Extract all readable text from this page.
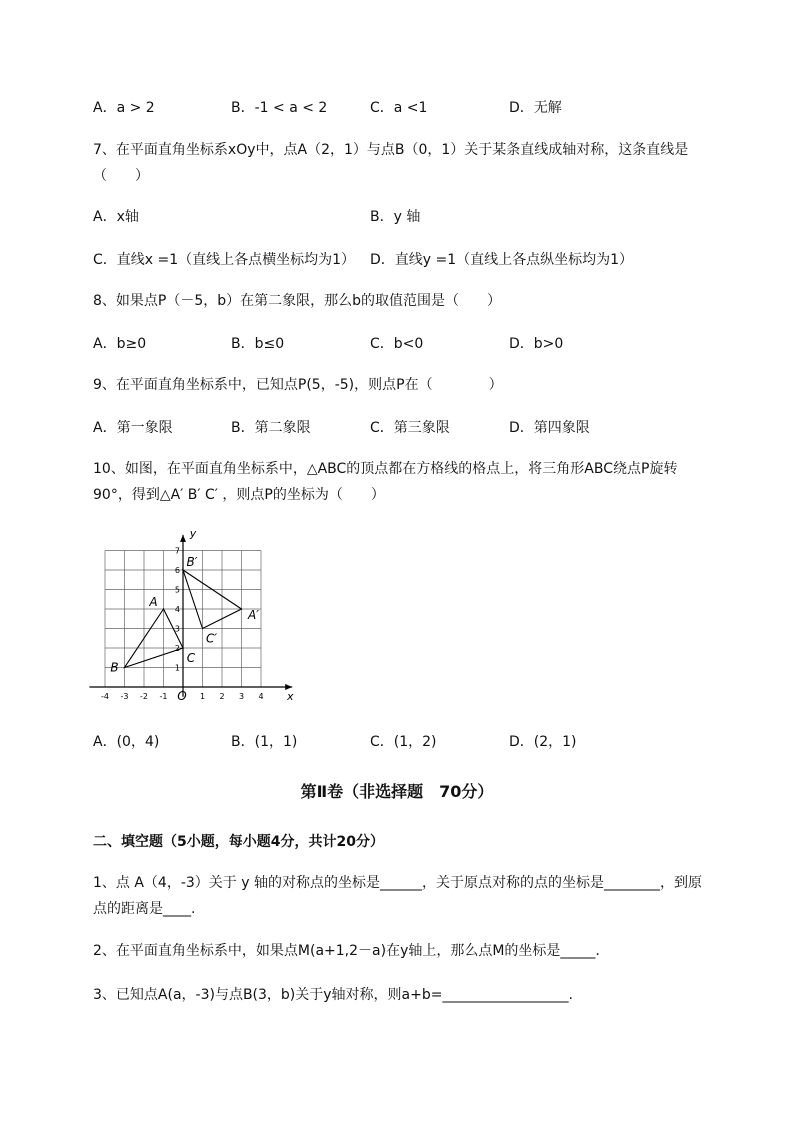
A．a > 2	B．-1 < a < 2	C．a <1	D．无解
7、在平面直角坐标系xOy中，点A（2，1）与点B（0，1）关于某条直线成轴对称，这条直线是
（　　）
A．x轴	B．y 轴
C．直线x =1（直线上各点横坐标均为1） D．直线y =1（直线上各点纵坐标均为1）
8、如果点P（－5，b）在第二象限，那么b的取值范围是（　　）
A．b≥0	B．b≤0	C．b<0	D．b>0
9、在平面直角坐标系中，已知点P(5，-5)，则点P在（　　　　）
A．第一象限	B．第二象限	C．第三象限	D．第四象限
10、如图，在平面直角坐标系中，△ABC的顶点都在方格线的格点上，将三角形ABC绕点P旋转
90°，得到△A′ B′ C′ ，则点P的坐标为（　　）
-4 -3 -2 -1	1 2 3 4
1
2
3
4
5
6
7
O	x
y
A
B
C
A′
B′
C′
A．(0，4)	B．(1，1)	C．(1，2)	D．(2，1)
第Ⅱ卷（非选择题　70分）
二、填空题（5小题，每小题4分，共计20分）
1、点 A（4，-3）关于 y 轴的对称点的坐标是______，关于原点对称的点的坐标是________，到原
点的距离是____.
2、在平面直角坐标系中，如果点M(a+1,2－a)在y轴上，那么点M的坐标是_____.
3、已知点A(a，-3)与点B(3，b)关于y轴对称，则a+b=__________________.
